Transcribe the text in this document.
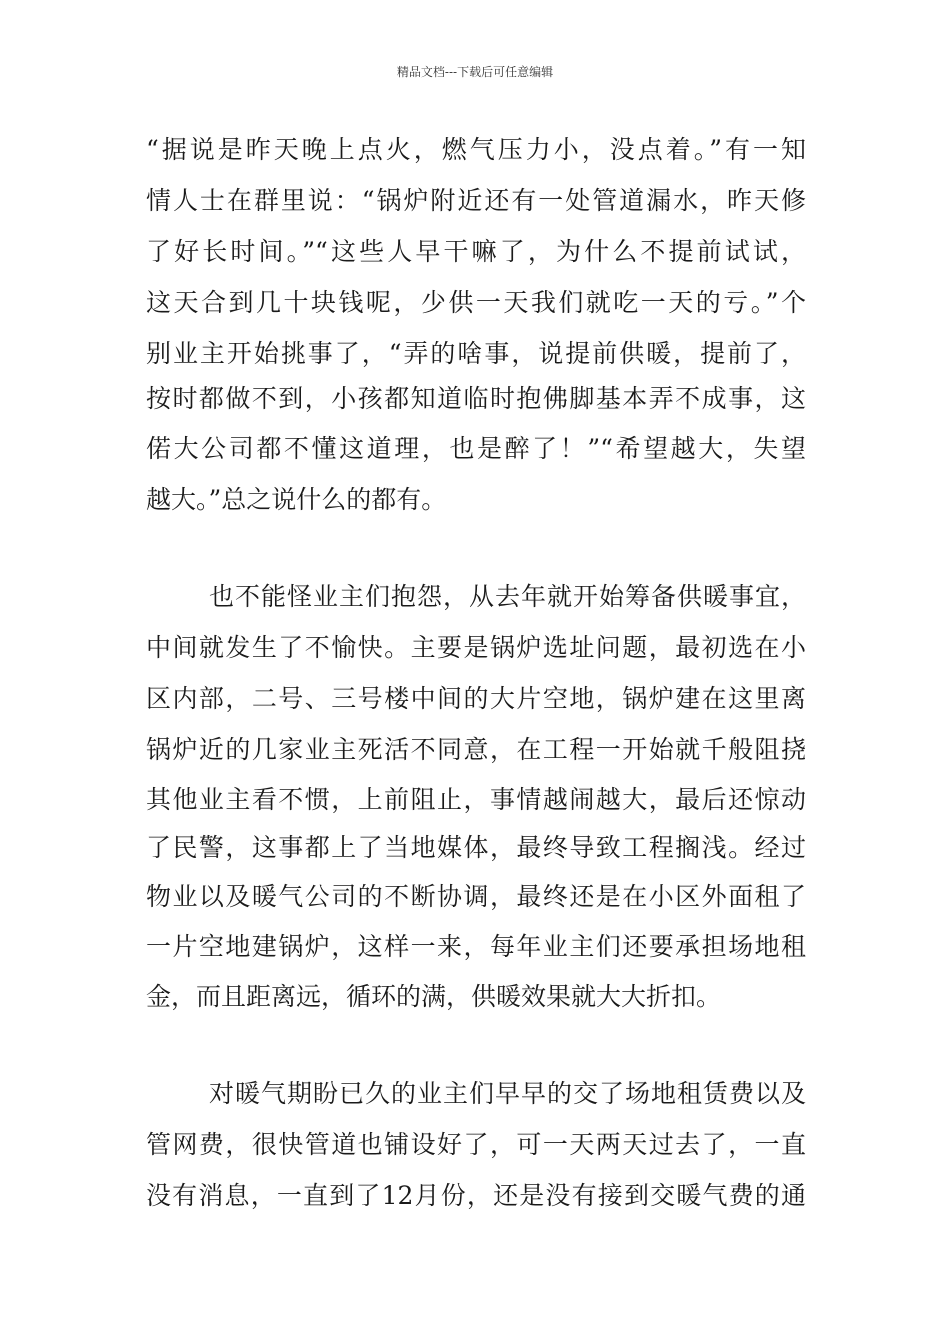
精品文档---下载后可任意编辑
“据说是昨天晚上点火，燃气压力小，没点着。”有一知
情人士在群里说：“锅炉附近还有一处管道漏水，昨天修
了好长时间。”“这些人早干嘛了，为什么不提前试试，
这天合到几十块钱呢，少供一天我们就吃一天的亏。”个
别业主开始挑事了，“弄的啥事，说提前供暖，提前了，
按时都做不到，小孩都知道临时抱佛脚基本弄不成事，这
偌大公司都不懂这道理，也是醉了！”“希望越大，失望
越大。”总之说什么的都有。
也不能怪业主们抱怨，从去年就开始筹备供暖事宜，
中间就发生了不愉快。主要是锅炉选址问题，最初选在小
区内部，二号、三号楼中间的大片空地，锅炉建在这里离
锅炉近的几家业主死活不同意，在工程一开始就千般阻挠
其他业主看不惯，上前阻止，事情越闹越大，最后还惊动
了民警，这事都上了当地媒体，最终导致工程搁浅。经过
物业以及暖气公司的不断协调，最终还是在小区外面租了
一片空地建锅炉，这样一来，每年业主们还要承担场地租
金，而且距离远，循环的满，供暖效果就大大折扣。
对暖气期盼已久的业主们早早的交了场地租赁费以及
管网费，很快管道也铺设好了，可一天两天过去了，一直
没有消息，一直到了12月份，还是没有接到交暖气费的通
